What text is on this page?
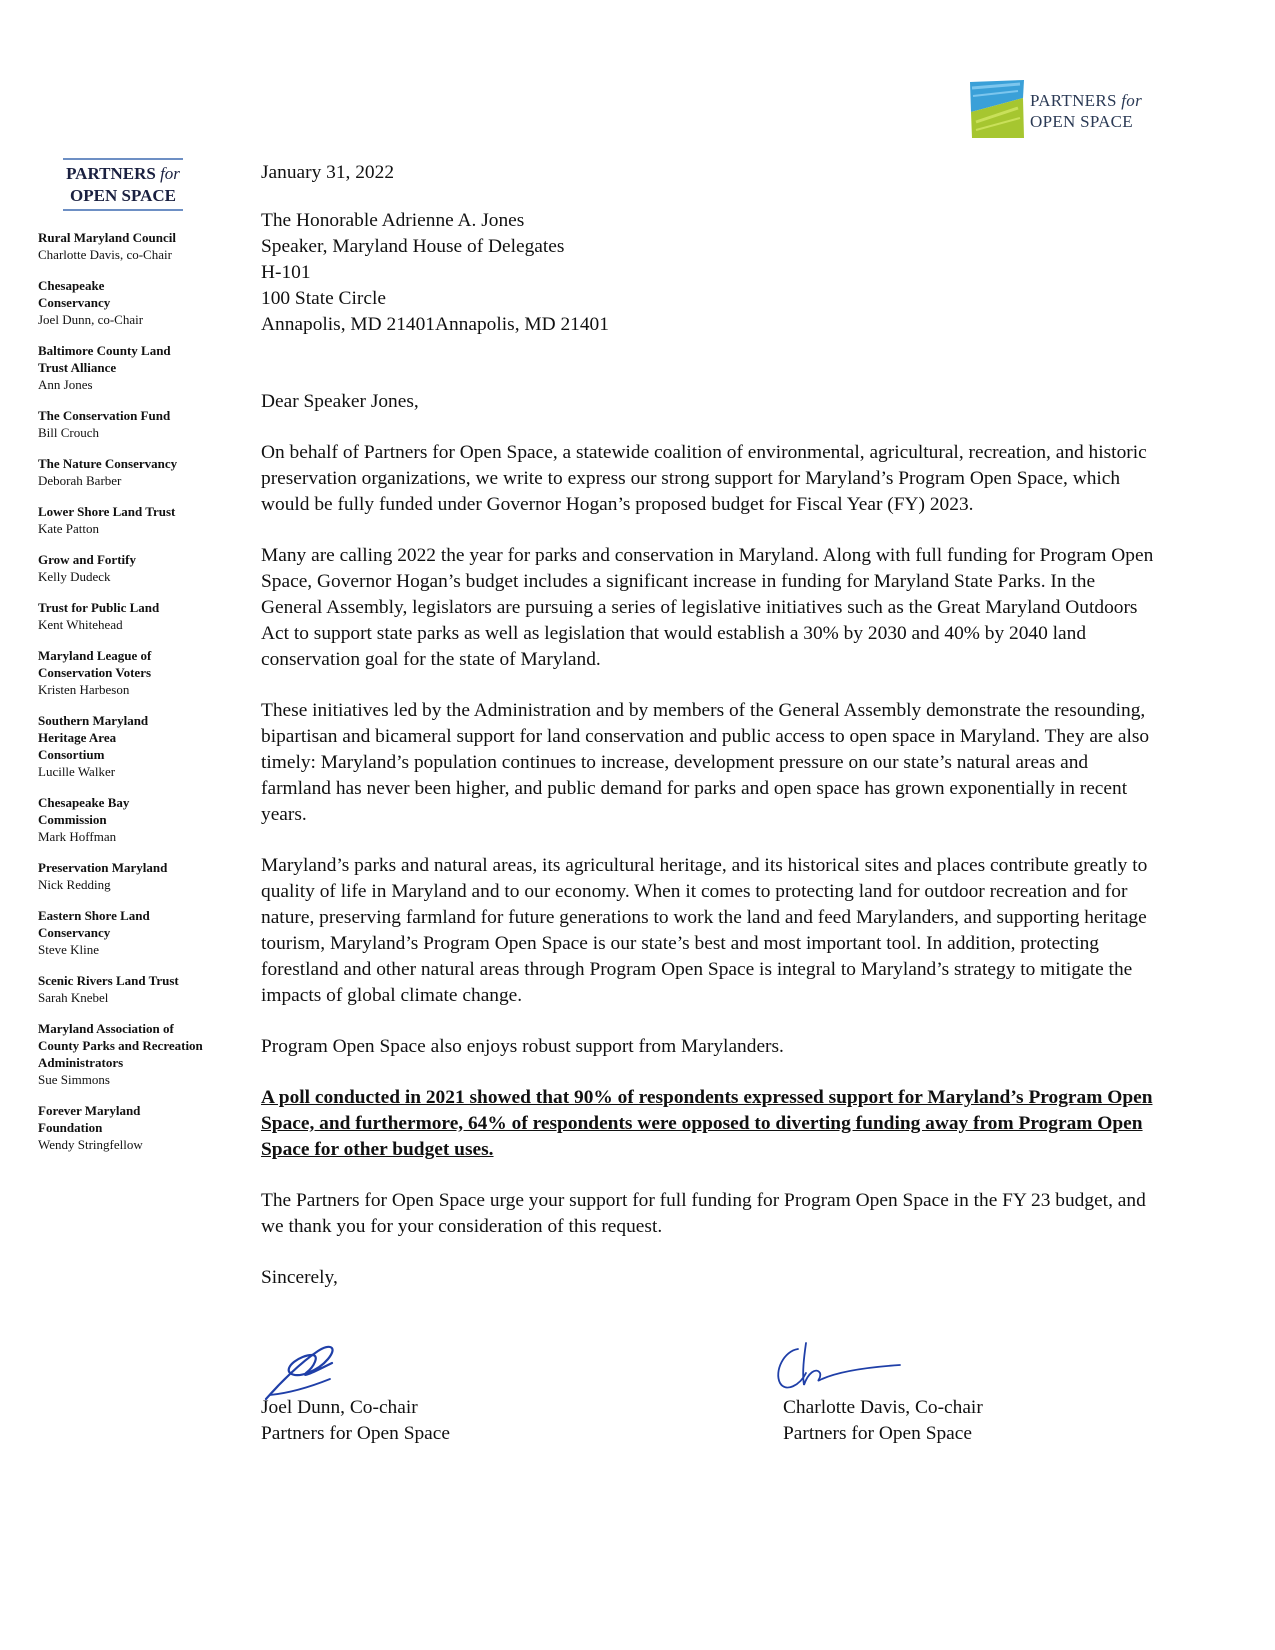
PARTNERS for
OPEN SPACE
PARTNERS for
OPEN SPACE
Rural Maryland Council
Charlotte Davis, co-Chair
Chesapeake Conservancy
Joel Dunn, co-Chair
Baltimore County Land Trust Alliance
Ann Jones
The Conservation Fund
Bill Crouch
The Nature Conservancy
Deborah Barber
Lower Shore Land Trust
Kate Patton
Grow and Fortify
Kelly Dudeck
Trust for Public Land
Kent Whitehead
Maryland League of Conservation Voters
Kristen Harbeson
Southern Maryland Heritage Area Consortium
Lucille Walker
Chesapeake Bay Commission
Mark Hoffman
Preservation Maryland
Nick Redding
Eastern Shore Land Conservancy
Steve Kline
Scenic Rivers Land Trust
Sarah Knebel
Maryland Association of County Parks and Recreation Administrators
Sue Simmons
Forever Maryland Foundation
Wendy Stringfellow
January 31, 2022
The Honorable Adrienne A. Jones
Speaker, Maryland House of Delegates
H-101
100 State Circle
Annapolis, MD 21401Annapolis, MD 21401
Dear Speaker Jones,
On behalf of Partners for Open Space, a statewide coalition of environmental, agricultural, recreation, and historic preservation organizations, we write to express our strong support for Maryland’s Program Open Space, which would be fully funded under Governor Hogan’s proposed budget for Fiscal Year (FY) 2023.
Many are calling 2022 the year for parks and conservation in Maryland. Along with full funding for Program Open Space, Governor Hogan’s budget includes a significant increase in funding for Maryland State Parks. In the General Assembly, legislators are pursuing a series of legislative initiatives such as the Great Maryland Outdoors Act to support state parks as well as legislation that would establish a 30% by 2030 and 40% by 2040 land conservation goal for the state of Maryland.
These initiatives led by the Administration and by members of the General Assembly demonstrate the resounding, bipartisan and bicameral support for land conservation and public access to open space in Maryland. They are also timely: Maryland’s population continues to increase, development pressure on our state’s natural areas and farmland has never been higher, and public demand for parks and open space has grown exponentially in recent years.
Maryland’s parks and natural areas, its agricultural heritage, and its historical sites and places contribute greatly to quality of life in Maryland and to our economy. When it comes to protecting land for outdoor recreation and for nature, preserving farmland for future generations to work the land and feed Marylanders, and supporting heritage tourism, Maryland’s Program Open Space is our state’s best and most important tool. In addition, protecting forestland and other natural areas through Program Open Space is integral to Maryland’s strategy to mitigate the impacts of global climate change.
Program Open Space also enjoys robust support from Marylanders.
A poll conducted in 2021 showed that 90% of respondents expressed support for Maryland’s Program Open Space, and furthermore, 64% of respondents were opposed to diverting funding away from Program Open Space for other budget uses.
The Partners for Open Space urge your support for full funding for Program Open Space in the FY 23 budget, and we thank you for your consideration of this request.
Sincerely,
Joel Dunn, Co-chair
Partners for Open Space
Charlotte Davis, Co-chair
Partners for Open Space
